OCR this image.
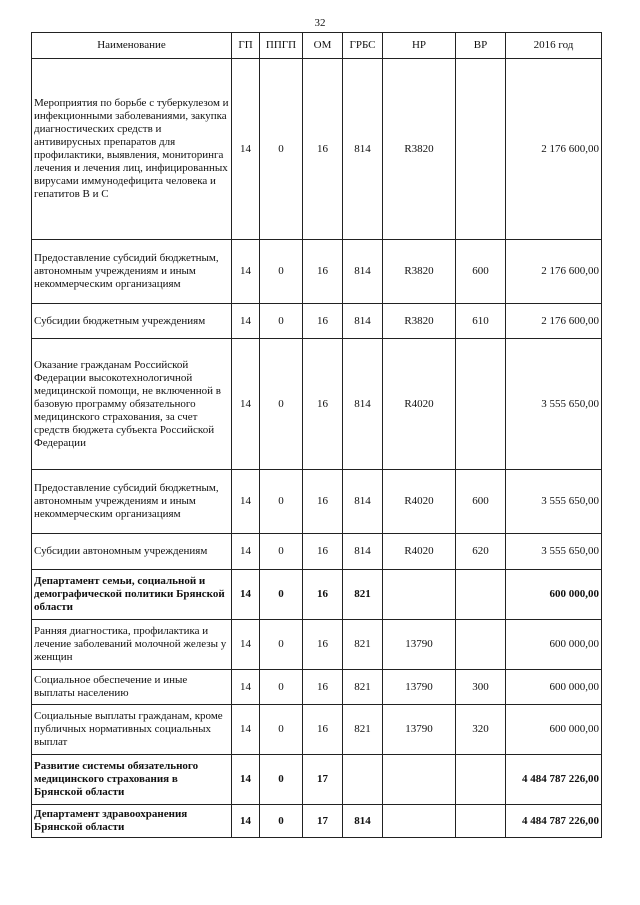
32
Наименование	ГП	ППГП	ОМ	ГРБС	НР	ВР	2016 год
Мероприятия по борьбе с туберкулезом и инфекционными заболеваниями, закупка диагностических средств и антивирусных препаратов для профилактики, выявления, мониторинга лечения и лечения лиц, инфицированных вирусами иммунодефицита человека и гепатитов В и С	14	0	16	814	R3820		2 176 600,00
Предоставление субсидий бюджетным, автономным учреждениям и иным некоммерческим организациям	14	0	16	814	R3820	600	2 176 600,00
Субсидии бюджетным учреждениям	14	0	16	814	R3820	610	2 176 600,00
Оказание гражданам Российской Федерации высокотехнологичной медицинской помощи, не включенной в базовую программу обязательного медицинского страхования, за счет средств бюджета субъекта Российской Федерации	14	0	16	814	R4020		3 555 650,00
Предоставление субсидий бюджетным, автономным учреждениям и иным некоммерческим организациям	14	0	16	814	R4020	600	3 555 650,00
Субсидии автономным учреждениям	14	0	16	814	R4020	620	3 555 650,00
Департамент семьи, социальной и демографической политики Брянской области	14	0	16	821			600 000,00
Ранняя диагностика, профилактика и лечение заболеваний молочной железы у женщин	14	0	16	821	13790		600 000,00
Социальное обеспечение и иные выплаты населению	14	0	16	821	13790	300	600 000,00
Социальные выплаты гражданам, кроме публичных нормативных социальных выплат	14	0	16	821	13790	320	600 000,00
Развитие системы обязательного медицинского страхования в Брянской области	14	0	17				4 484 787 226,00
Департамент здравоохранения Брянской области	14	0	17	814			4 484 787 226,00
